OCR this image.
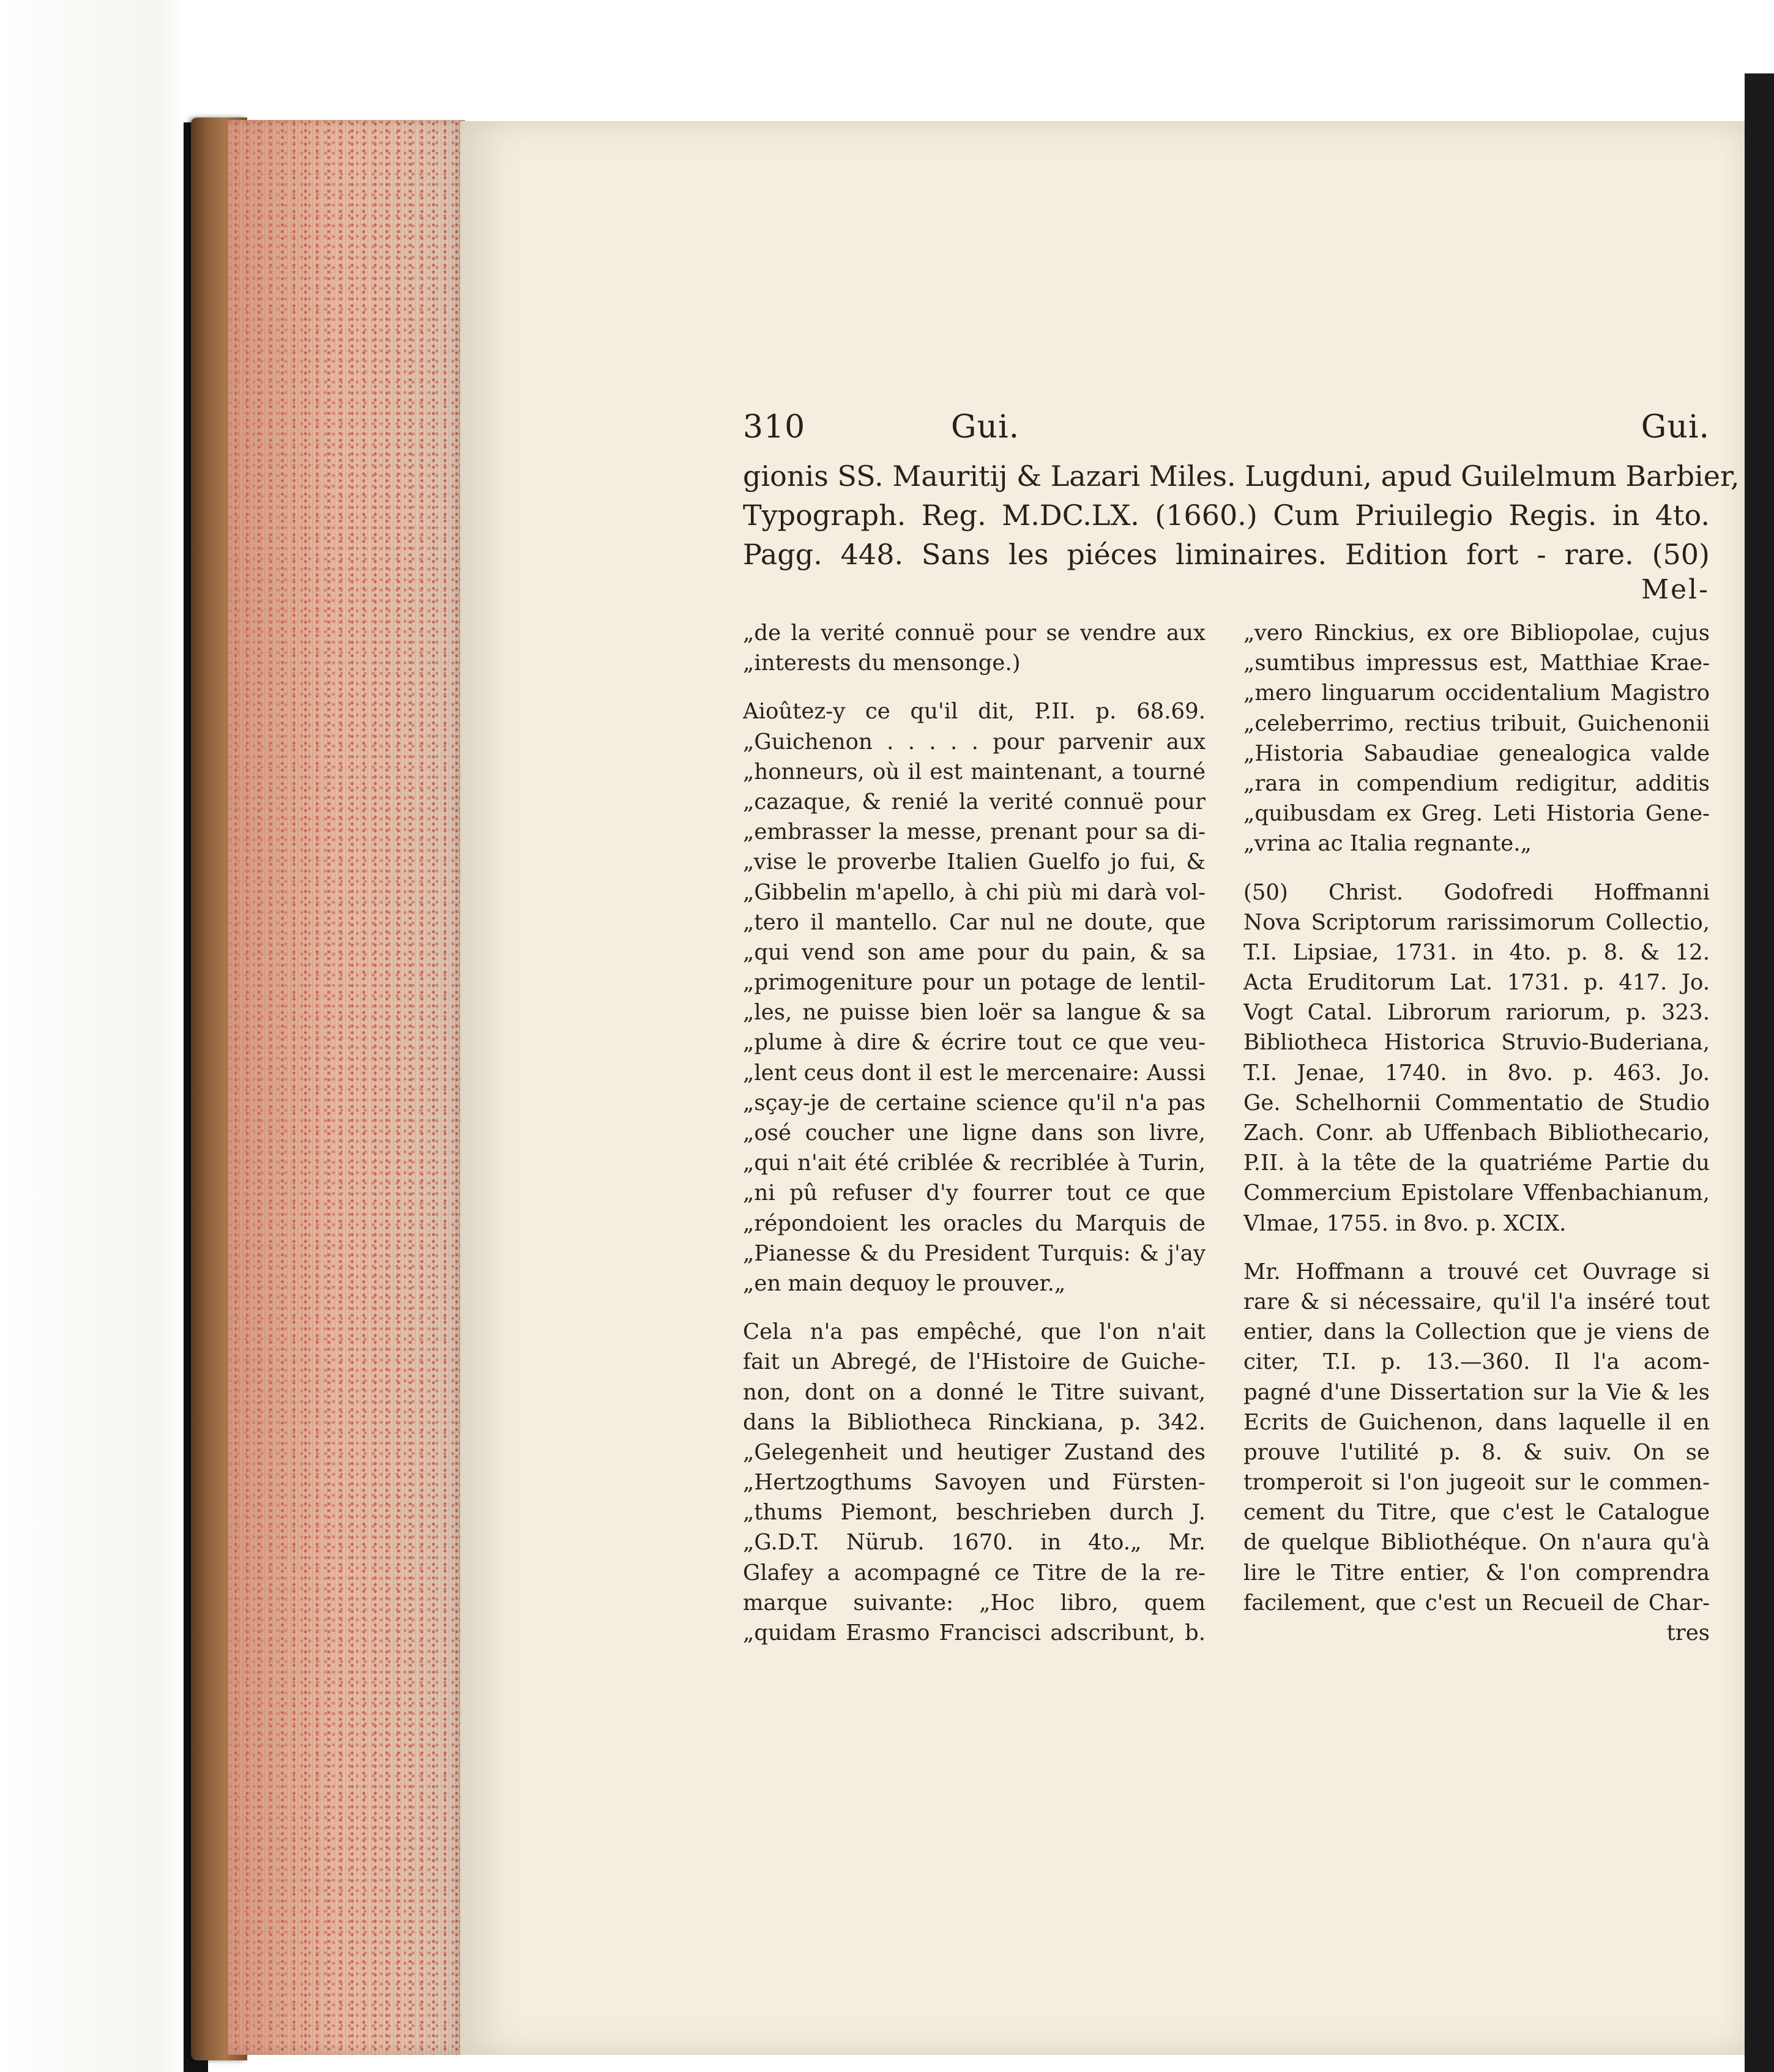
310	Gui.	Gui.
gionis SS. Mauritij & Lazari Miles. Lugduni, apud Guilelmum Barbier,
Typograph. Reg. M.DC.LX. (1660.) Cum Priuilegio Regis. in 4to.
Pagg. 448. Sans les piéces liminaires. Edition fort - rare. (50)
Mel-
„de la verité connuë pour se vendre aux
„interests du mensonge.)
Aioûtez-y ce qu'il dit, P.II. p. 68.69.
„Guichenon . . . . . pour parvenir aux
„honneurs, où il est maintenant, a tourné
„cazaque, & renié la verité connuë pour
„embrasser la messe, prenant pour sa di-
„vise le proverbe Italien Guelfo jo fui, &
„Gibbelin m'apello, à chi più mi darà vol-
„tero il mantello. Car nul ne doute, que
„qui vend son ame pour du pain, & sa
„primogeniture pour un potage de lentil-
„les, ne puisse bien loër sa langue & sa
„plume à dire & écrire tout ce que veu-
„lent ceus dont il est le mercenaire: Aussi
„sçay-je de certaine science qu'il n'a pas
„osé coucher une ligne dans son livre,
„qui n'ait été criblée & recriblée à Turin,
„ni pû refuser d'y fourrer tout ce que
„répondoient les oracles du Marquis de
„Pianesse & du President Turquis: & j'ay
„en main dequoy le prouver.„
Cela n'a pas empêché, que l'on n'ait
fait un Abregé, de l'Histoire de Guiche-
non, dont on a donné le Titre suivant,
dans la Bibliotheca Rinckiana, p. 342.
„Gelegenheit und heutiger Zustand des
„Hertzogthums Savoyen und Fürsten-
„thums Piemont, beschrieben durch J.
„G.D.T. Nürub. 1670. in 4to.„ Mr.
Glafey a acompagné ce Titre de la re-
marque suivante: „Hoc libro, quem
„quidam Erasmo Francisci adscribunt, b.
„vero Rinckius, ex ore Bibliopolae, cujus
„sumtibus impressus est, Matthiae Krae-
„mero linguarum occidentalium Magistro
„celeberrimo, rectius tribuit, Guichenonii
„Historia Sabaudiae genealogica valde
„rara in compendium redigitur, additis
„quibusdam ex Greg. Leti Historia Gene-
„vrina ac Italia regnante.„
(50) Christ. Godofredi Hoffmanni
Nova Scriptorum rarissimorum Collectio,
T.I. Lipsiae, 1731. in 4to. p. 8. & 12.
Acta Eruditorum Lat. 1731. p. 417. Jo.
Vogt Catal. Librorum rariorum, p. 323.
Bibliotheca Historica Struvio-Buderiana,
T.I. Jenae, 1740. in 8vo. p. 463. Jo.
Ge. Schelhornii Commentatio de Studio
Zach. Conr. ab Uffenbach Bibliothecario,
P.II. à la tête de la quatriéme Partie du
Commercium Epistolare Vffenbachianum,
Vlmae, 1755. in 8vo. p. XCIX.
Mr. Hoffmann a trouvé cet Ouvrage si
rare & si nécessaire, qu'il l'a inséré tout
entier, dans la Collection que je viens de
citer, T.I. p. 13.—360. Il l'a acom-
pagné d'une Dissertation sur la Vie & les
Ecrits de Guichenon, dans laquelle il en
prouve l'utilité p. 8. & suiv. On se
tromperoit si l'on jugeoit sur le commen-
cement du Titre, que c'est le Catalogue
de quelque Bibliothéque. On n'aura qu'à
lire le Titre entier, & l'on comprendra
facilement, que c'est un Recueil de Char-
tres
